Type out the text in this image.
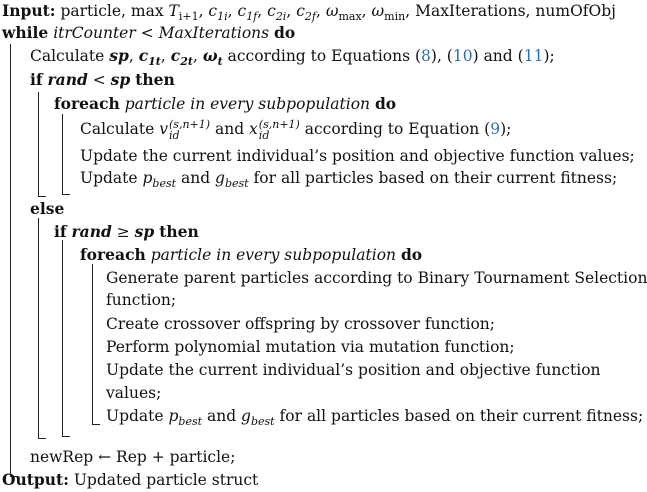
Input: particle, $\max T_{i+1}$, $c_{1i}$, $c_{1f}$, $c_{2i}$, $c_{2f}$, $\omega_{max}$, $\omega_{min}$, MaxIterations, numOfObj
while itrCounter < MaxIterations do
Calculate sp, $c_{1t}$, $c_{2t}$, $\omega_t$ according to Equations (8), (10) and (11);
if rand < sp then
foreach particle in every subpopulation do
Calculate v (s,n+1)
id	and x (s,n+1)
id	according to Equation (9);
Update the current individual’s position and objective function values;
Update $p_{best}$ and $g_{best}$ for all particles based on their current fitness;
else
if rand ≥ sp then
foreach particle in every subpopulation do
Generate parent particles according to Binary Tournament Selection
function;
Create crossover offspring by crossover function;
Perform polynomial mutation via mutation function;
Update the current individual’s position and objective function
values;
Update $p_{best}$ and $g_{best}$ for all particles based on their current fitness;
newRep ← Rep + particle;
Output: Updated particle struct
